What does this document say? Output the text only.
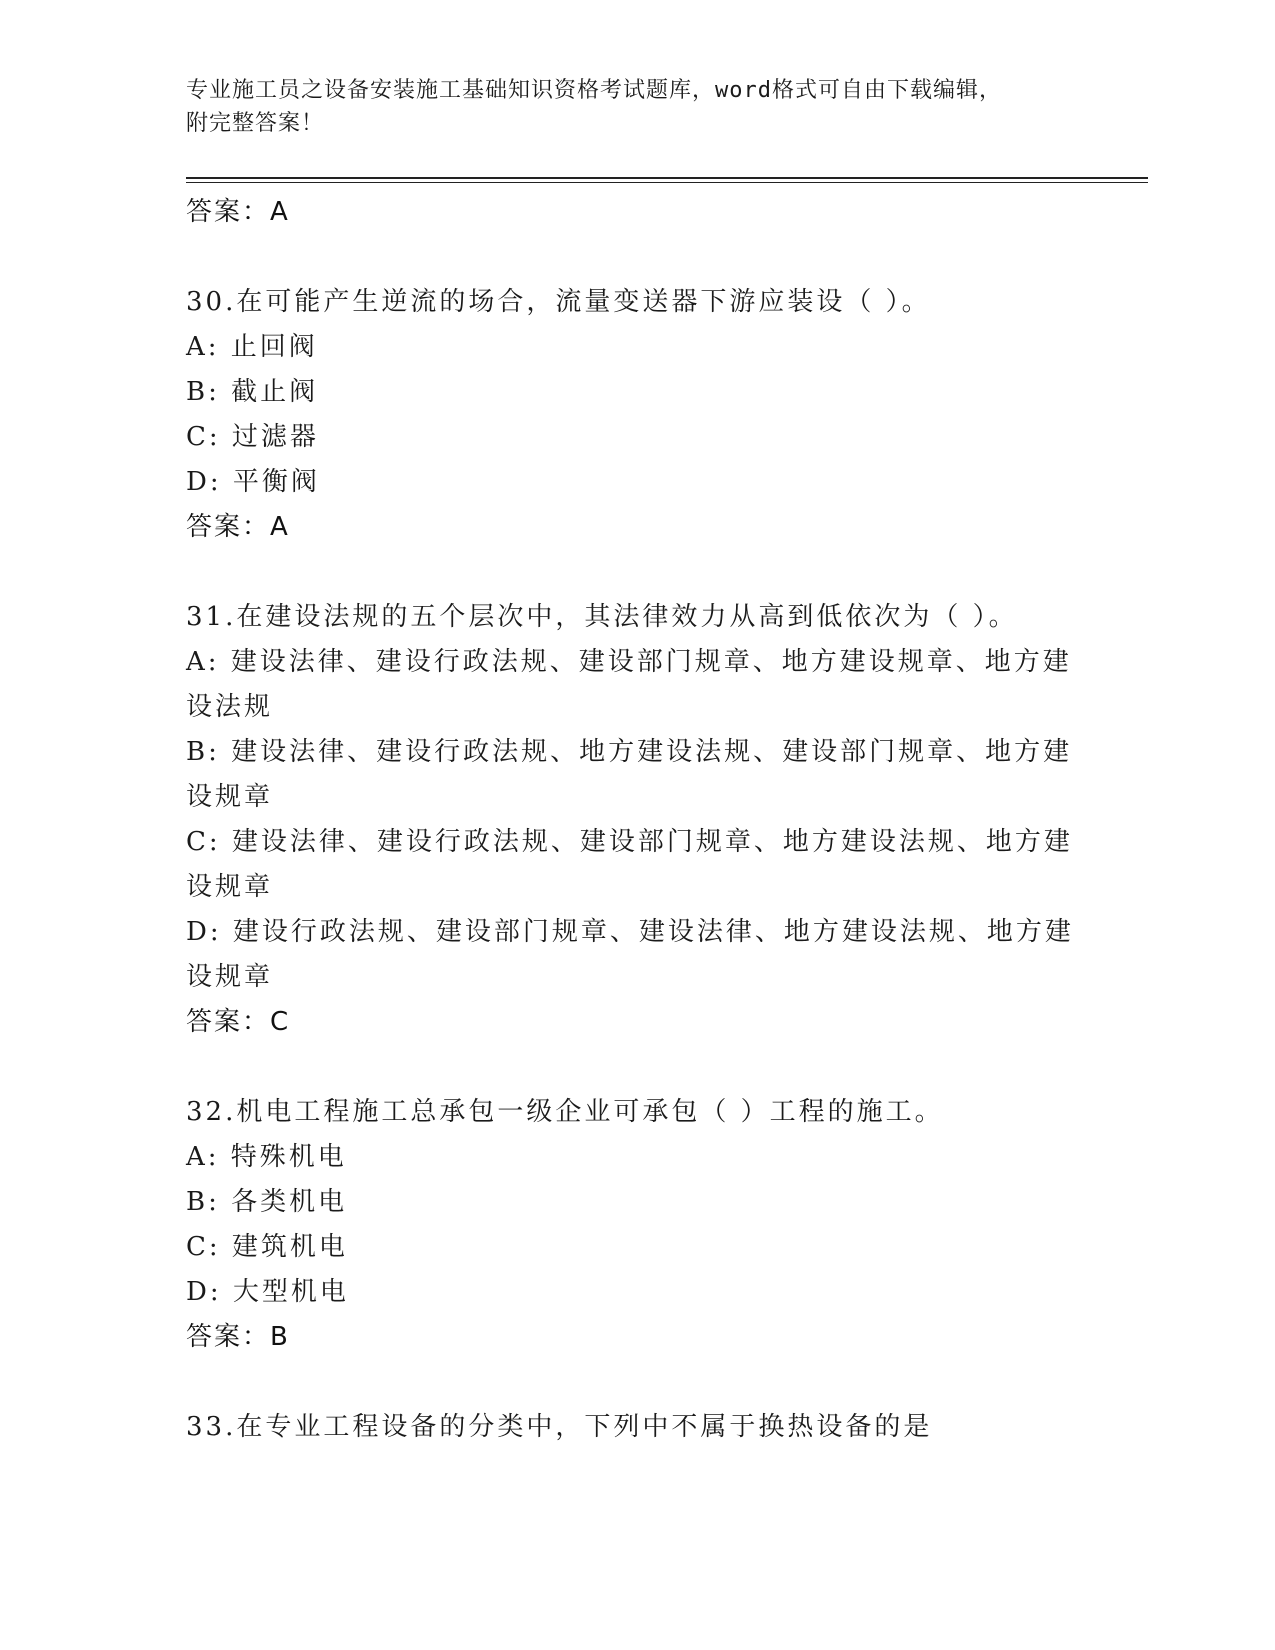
专业施工员之设备安装施工基础知识资格考试题库，word格式可自由下载编辑，
附完整答案！
答案：A
30.在可能产生逆流的场合，流量变送器下游应装设（ ）。
A: 止回阀
B: 截止阀
C: 过滤器
D: 平衡阀
答案：A
31.在建设法规的五个层次中，其法律效力从高到低依次为（ ）。
A: 建设法律、建设行政法规、建设部门规章、地方建设规章、地方建设法规
B: 建设法律、建设行政法规、地方建设法规、建设部门规章、地方建设规章
C: 建设法律、建设行政法规、建设部门规章、地方建设法规、地方建设规章
D: 建设行政法规、建设部门规章、建设法律、地方建设法规、地方建设规章
答案：C
32.机电工程施工总承包一级企业可承包（ ）工程的施工。
A: 特殊机电
B: 各类机电
C: 建筑机电
D: 大型机电
答案：B
33.在专业工程设备的分类中，下列中不属于换热设备的是
